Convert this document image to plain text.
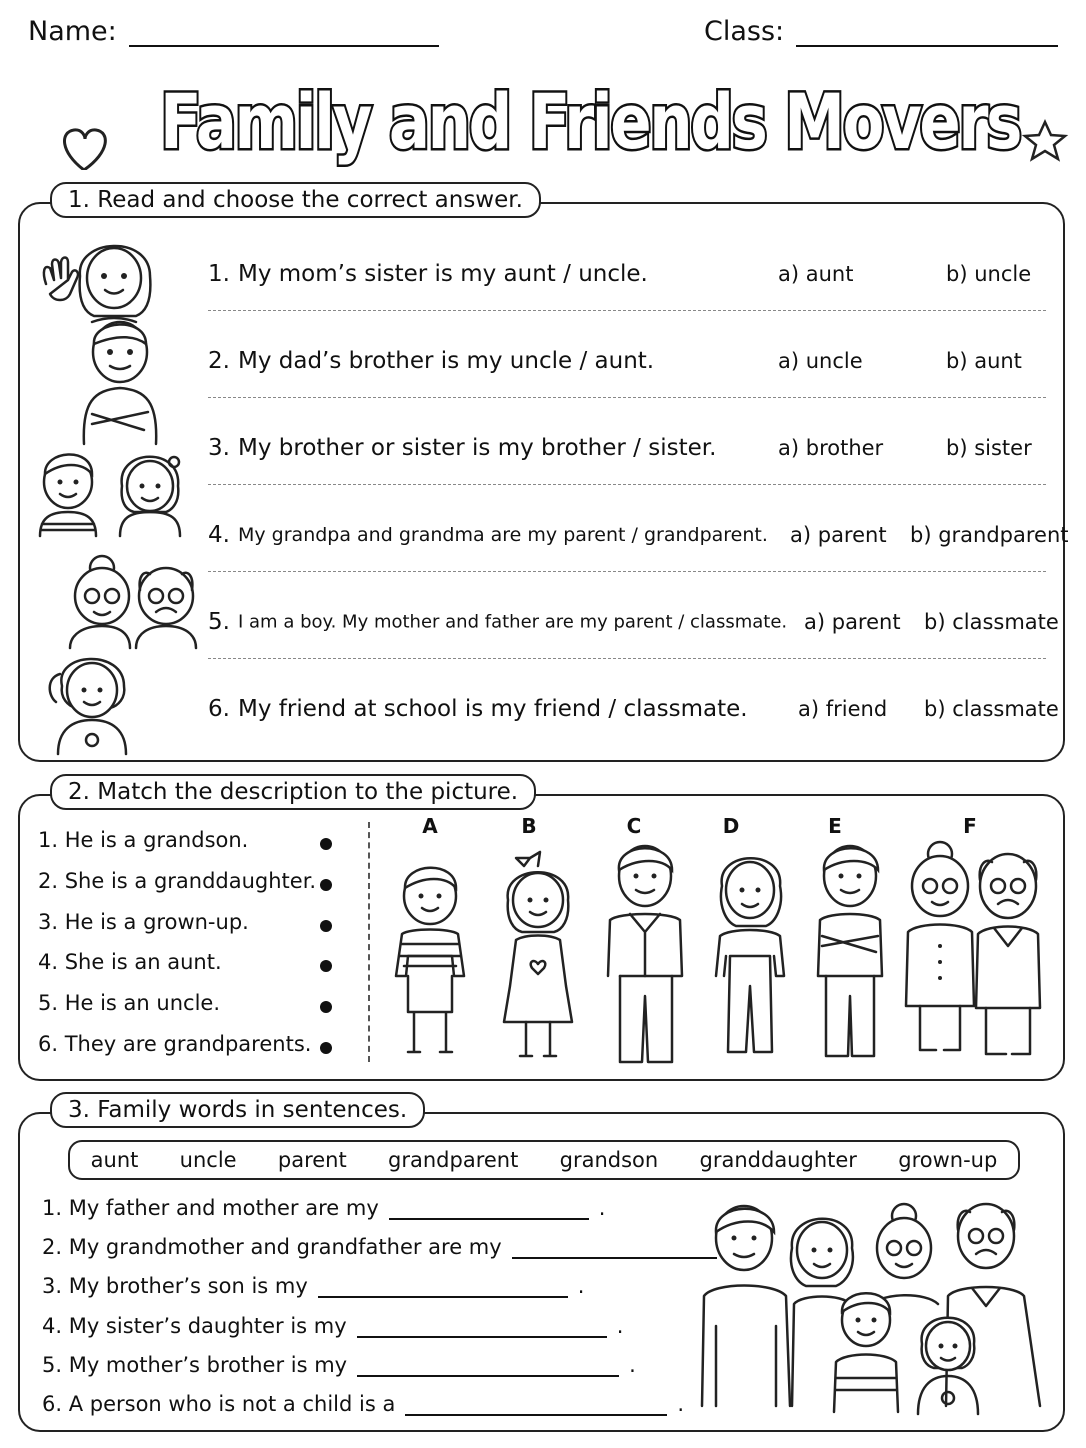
Name:	Class:
Family and Friends Movers
1. Read and choose the correct answer.
1. My mom’s sister is my aunt / uncle.	a) aunt	b) uncle
2. My dad’s brother is my uncle / aunt.	a) uncle	b) aunt
3. My brother or sister is my brother / sister.	a) brother	b) sister
4. My grandpa and grandma are my parent / grandparent. a) parent b) grandparent
5. I am a boy. My mother and father are my parent / classmate. a) parent b) classmate
6. My friend at school is my friend / classmate. a) friend b) classmate
2. Match the description to the picture.
1. He is a grandson.
2. She is a granddaughter.
3. He is a grown-up.
4. She is an aunt.
5. He is an uncle.
6. They are grandparents.
A	B	C	D	E	F
3. Family words in sentences.
aunt uncle parent grandparent grandson granddaughter grown-up
1. My father and mother are my	.
2. My grandmother and grandfather are my
3. My brother’s son is my	.
4. My sister’s daughter is my	.
5. My mother’s brother is my	.
6. A person who is not a child is a	.
